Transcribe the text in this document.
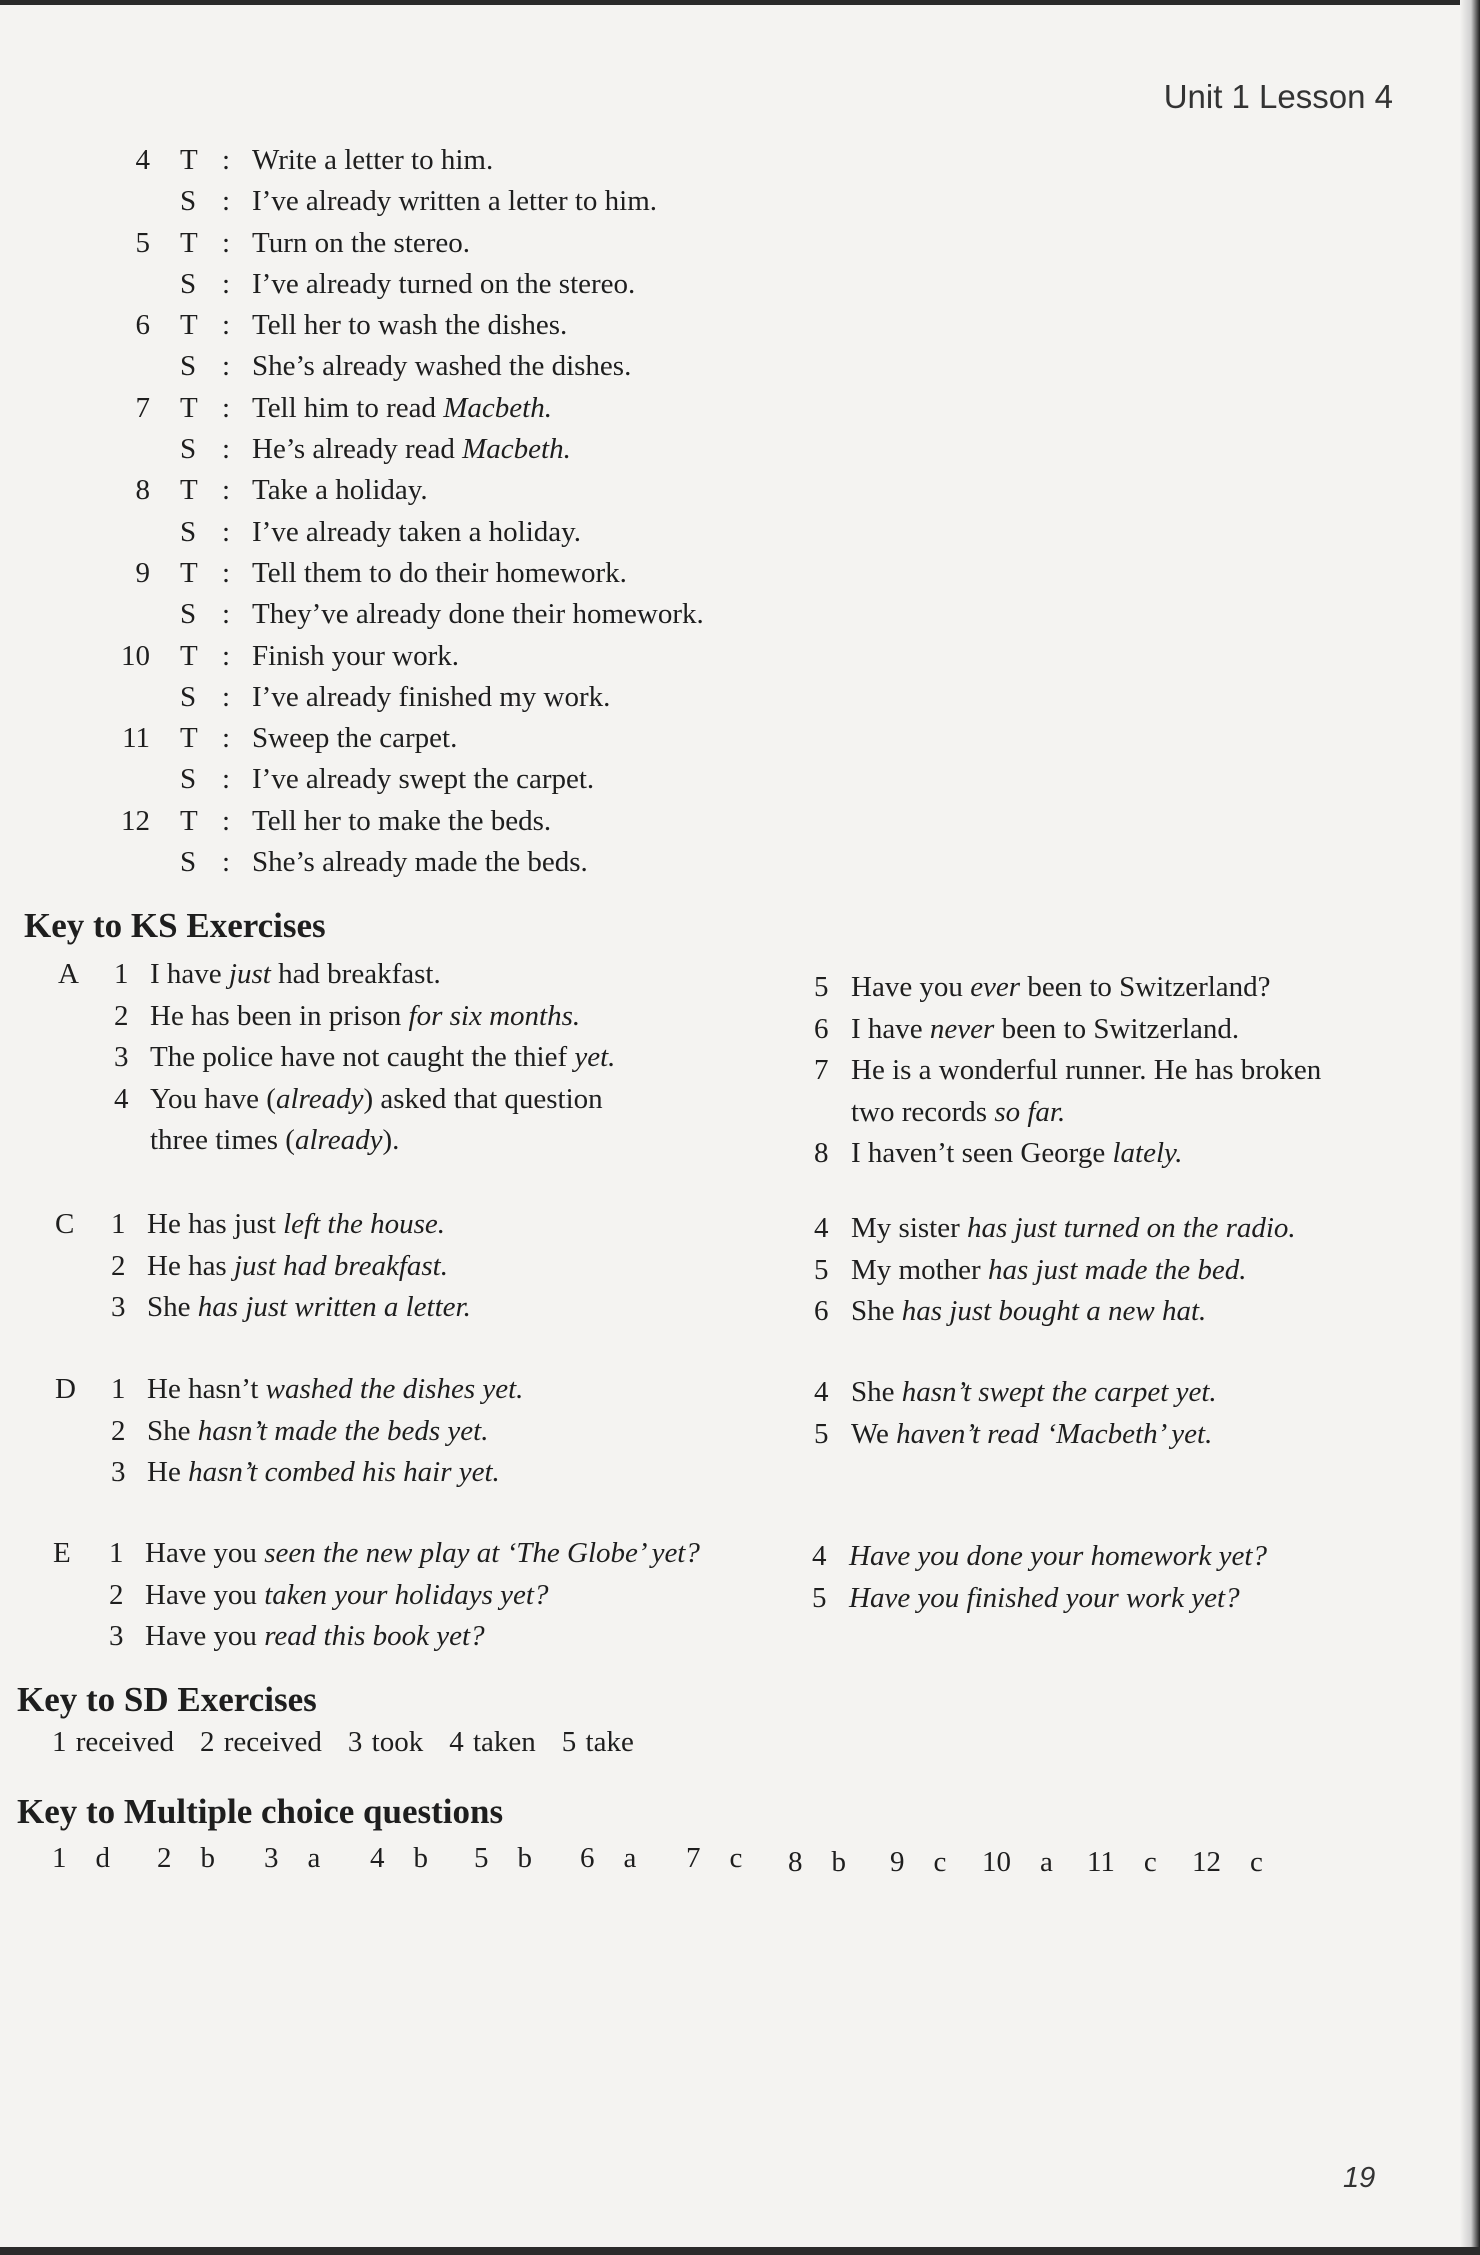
Unit 1 Lesson 4
4 T : Write a letter to him.
S : I’ve already written a letter to him.
5 T : Turn on the stereo.
S : I’ve already turned on the stereo.
6 T : Tell her to wash the dishes.
S : She’s already washed the dishes.
7 T : Tell him to read Macbeth.
S : He’s already read Macbeth.
8 T : Take a holiday.
S : I’ve already taken a holiday.
9 T : Tell them to do their homework.
S : They’ve already done their homework.
10 T : Finish your work.
S : I’ve already finished my work.
11 T : Sweep the carpet.
S : I’ve already swept the carpet.
12 T : Tell her to make the beds.
S : She’s already made the beds.
Key to KS Exercises
A 1 I have just had breakfast.
2 He has been in prison for six months.
3 The police have not caught the thief yet.
4 You have (already) asked that question
three times (already).
5 Have you ever been to Switzerland?
6 I have never been to Switzerland.
7 He is a wonderful runner. He has broken
two records so far.
8 I haven’t seen George lately.
C 1 He has just left the house.
2 He has just had breakfast.
3 She has just written a letter.
4 My sister has just turned on the radio.
5 My mother has just made the bed.
6 She has just bought a new hat.
D 1 He hasn’t washed the dishes yet.
2 She hasn’t made the beds yet.
3 He hasn’t combed his hair yet.
4 She hasn’t swept the carpet yet.
5 We haven’t read ‘Macbeth’ yet.
E 1 Have you seen the new play at ‘The Globe’ yet?
2 Have you taken your holidays yet?
3 Have you read this book yet?
4 Have you done your homework yet?
5 Have you finished your work yet?
Key to SD Exercises
1 received 2 received 3 took 4 taken 5 take
Key to Multiple choice questions
1 d 2 b 3 a 4 b 5 b 6 a 7 c 8 b 9 c 10 a 11 c 12 c
19
